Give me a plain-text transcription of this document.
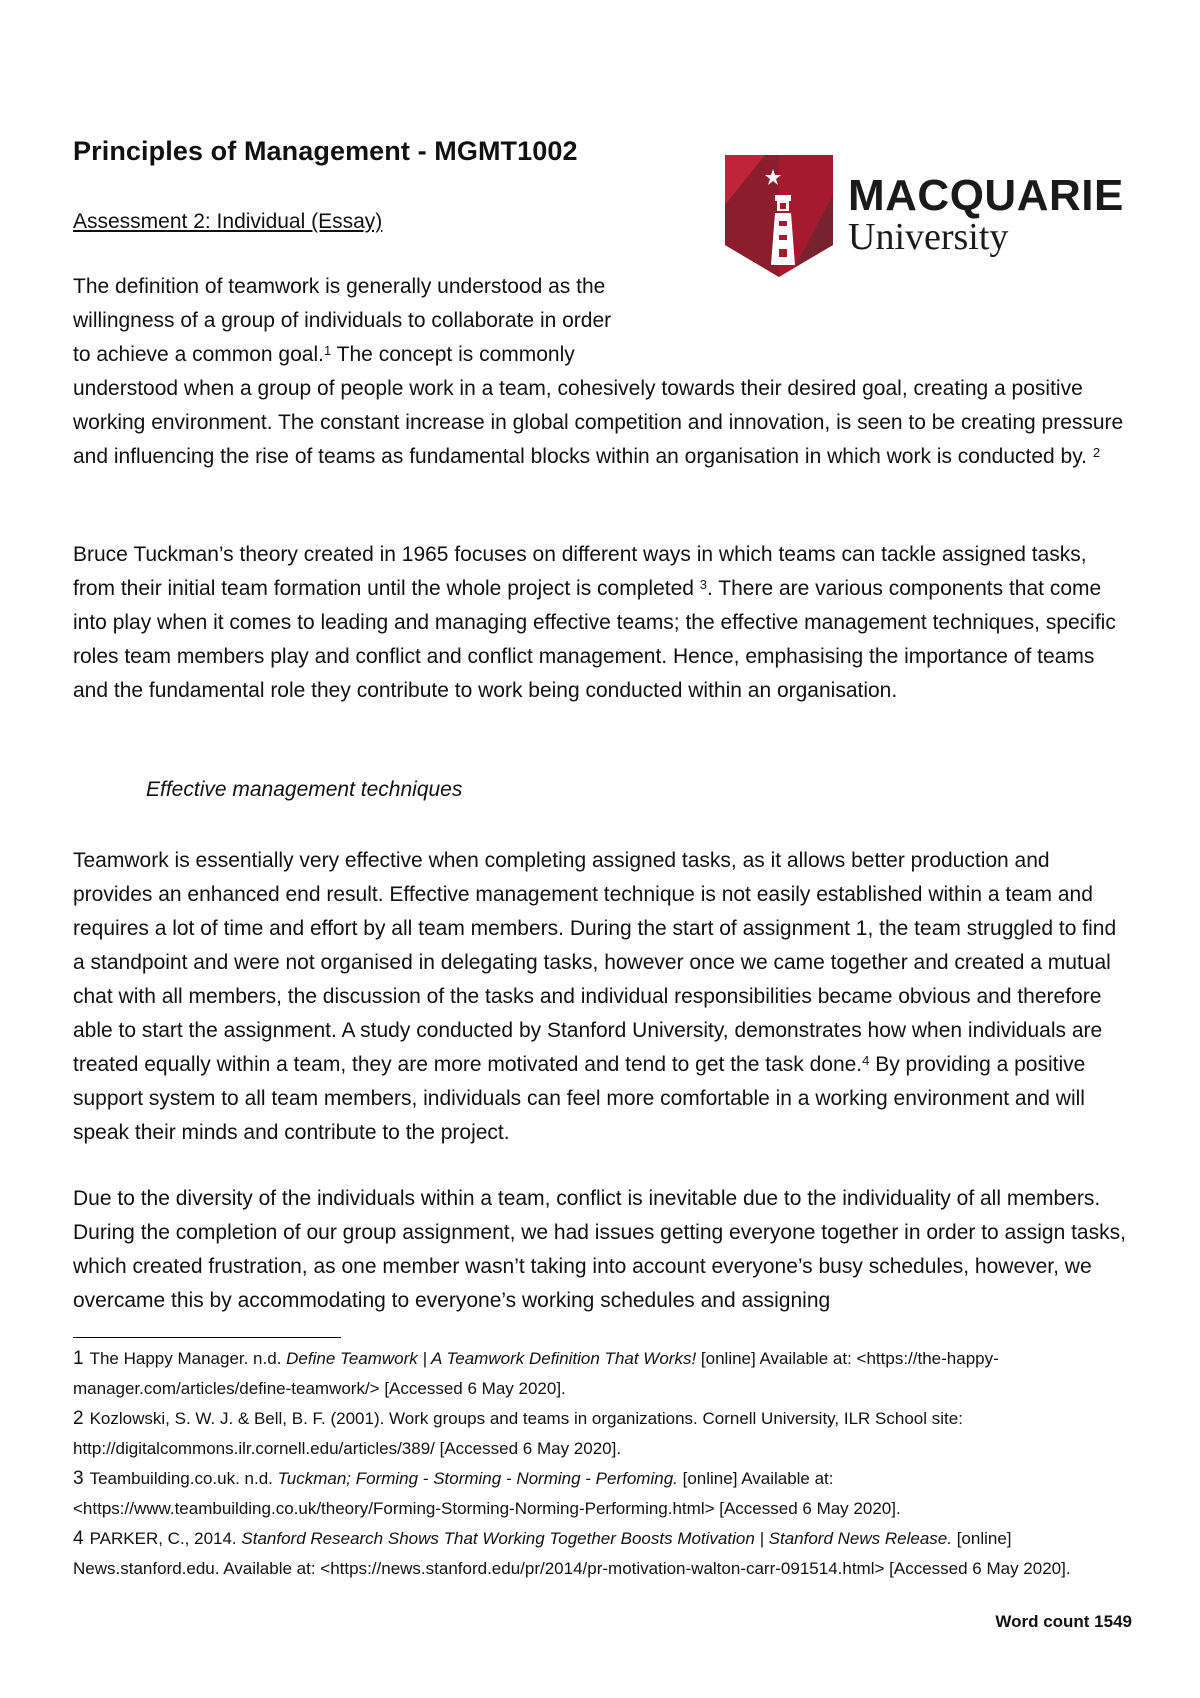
Principles of Management - MGMT1002
Assessment 2: Individual (Essay)
MACQUARIE
University
The definition of teamwork is generally understood as the
willingness of a group of individuals to collaborate in order
to achieve a common goal.$^1$ The concept is commonly
understood when a group of people work in a team, cohesively towards their desired goal, creating a positive working environment. The constant increase in global competition and innovation, is seen to be creating pressure and influencing the rise of teams as fundamental blocks within an organisation in which work is conducted by. $^2$

Bruce Tuckman’s theory created in 1965 focuses on different ways in which teams can tackle assigned tasks, from their initial team formation until the whole project is completed $^3$. There are various components that come into play when it comes to leading and managing effective teams; the effective management techniques, specific roles team members play and conflict and conflict management. Hence, emphasising the importance of teams and the fundamental role they contribute to work being conducted within an organisation.

Effective management techniques

Teamwork is essentially very effective when completing assigned tasks, as it allows better production and provides an enhanced end result. Effective management technique is not easily established within a team and requires a lot of time and effort by all team members. During the start of assignment 1, the team struggled to find a standpoint and were not organised in delegating tasks, however once we came together and created a mutual chat with all members, the discussion of the tasks and individual responsibilities became obvious and therefore able to start the assignment. A study conducted by Stanford University, demonstrates how when individuals are treated equally within a team, they are more motivated and tend to get the task done.$^4$ By providing a positive support system to all team members, individuals can feel more comfortable in a working environment and will speak their minds and contribute to the project.

Due to the diversity of the individuals within a team, conflict is inevitable due to the individuality of all members. During the completion of our group assignment, we had issues getting everyone together in order to assign tasks, which created frustration, as one member wasn’t taking into account everyone’s busy schedules, however, we overcame this by accommodating to everyone’s working schedules and assigning

1 The Happy Manager. n.d. Define Teamwork | A Teamwork Definition That Works! [online] Available at: <https://the-happy-manager.com/articles/define-teamwork/> [Accessed 6 May 2020].

2 Kozlowski, S. W. J. & Bell, B. F. (2001). Work groups and teams in organizations. Cornell University, ILR School site: http://digitalcommons.ilr.cornell.edu/articles/389/ [Accessed 6 May 2020].

3 Teambuilding.co.uk. n.d. Tuckman; Forming - Storming - Norming - Perfoming. [online] Available at: <https://www.teambuilding.co.uk/theory/Forming-Storming-Norming-Performing.html> [Accessed 6 May 2020].

4 PARKER, C., 2014. Stanford Research Shows That Working Together Boosts Motivation | Stanford News Release. [online] News.stanford.edu. Available at: <https://news.stanford.edu/pr/2014/pr-motivation-walton-carr-091514.html> [Accessed 6 May 2020].

Word count 1549
